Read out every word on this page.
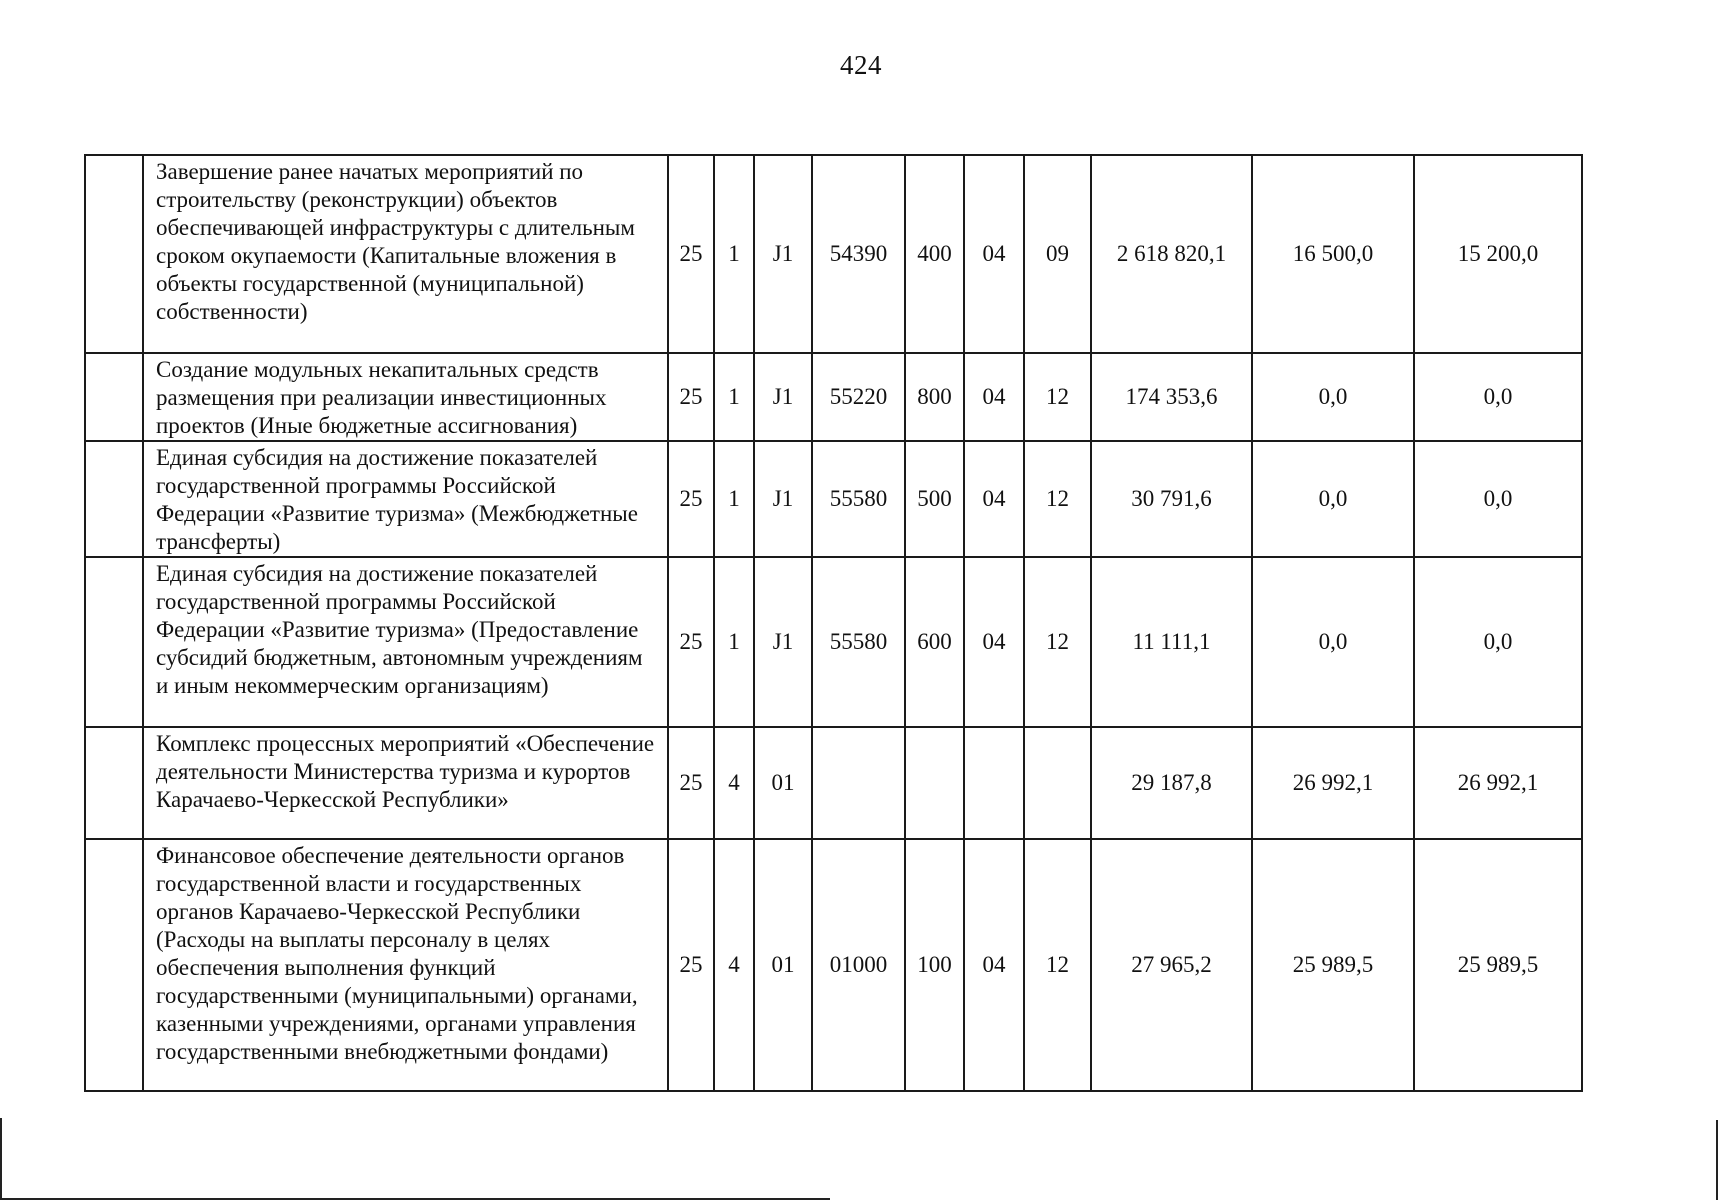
424
	Завершение ранее начатых мероприятий по строительству (реконструкции) объектов обеспечивающей инфраструктуры с длительным сроком окупаемости (Капитальные вложения в объекты государственной (муниципальной) собственности)	25	1	J1	54390	400	04	09	2 618 820,1	16 500,0	15 200,0
	Создание модульных некапитальных средств размещения при реализации инвестиционных проектов (Иные бюджетные ассигнования)	25	1	J1	55220	800	04	12	174 353,6	0,0	0,0
	Единая субсидия на достижение показателей государственной программы Российской Федерации «Развитие туризма» (Межбюджетные трансферты)	25	1	J1	55580	500	04	12	30 791,6	0,0	0,0
	Единая субсидия на достижение показателей государственной программы Российской Федерации «Развитие туризма» (Предоставление субсидий бюджетным, автономным учреждениям и иным некоммерческим организациям)	25	1	J1	55580	600	04	12	11 111,1	0,0	0,0
	Комплекс процессных мероприятий «Обеспечение деятельности Министерства туризма и курортов Карачаево-Черкесской Республики»	25	4	01					29 187,8	26 992,1	26 992,1
	Финансовое обеспечение деятельности органов государственной власти и государственных органов Карачаево-Черкесской Республики (Расходы на выплаты персоналу в целях обеспечения выполнения функций государственными (муниципальными) органами, казенными учреждениями, органами управления государственными внебюджетными фондами)	25	4	01	01000	100	04	12	27 965,2	25 989,5	25 989,5
